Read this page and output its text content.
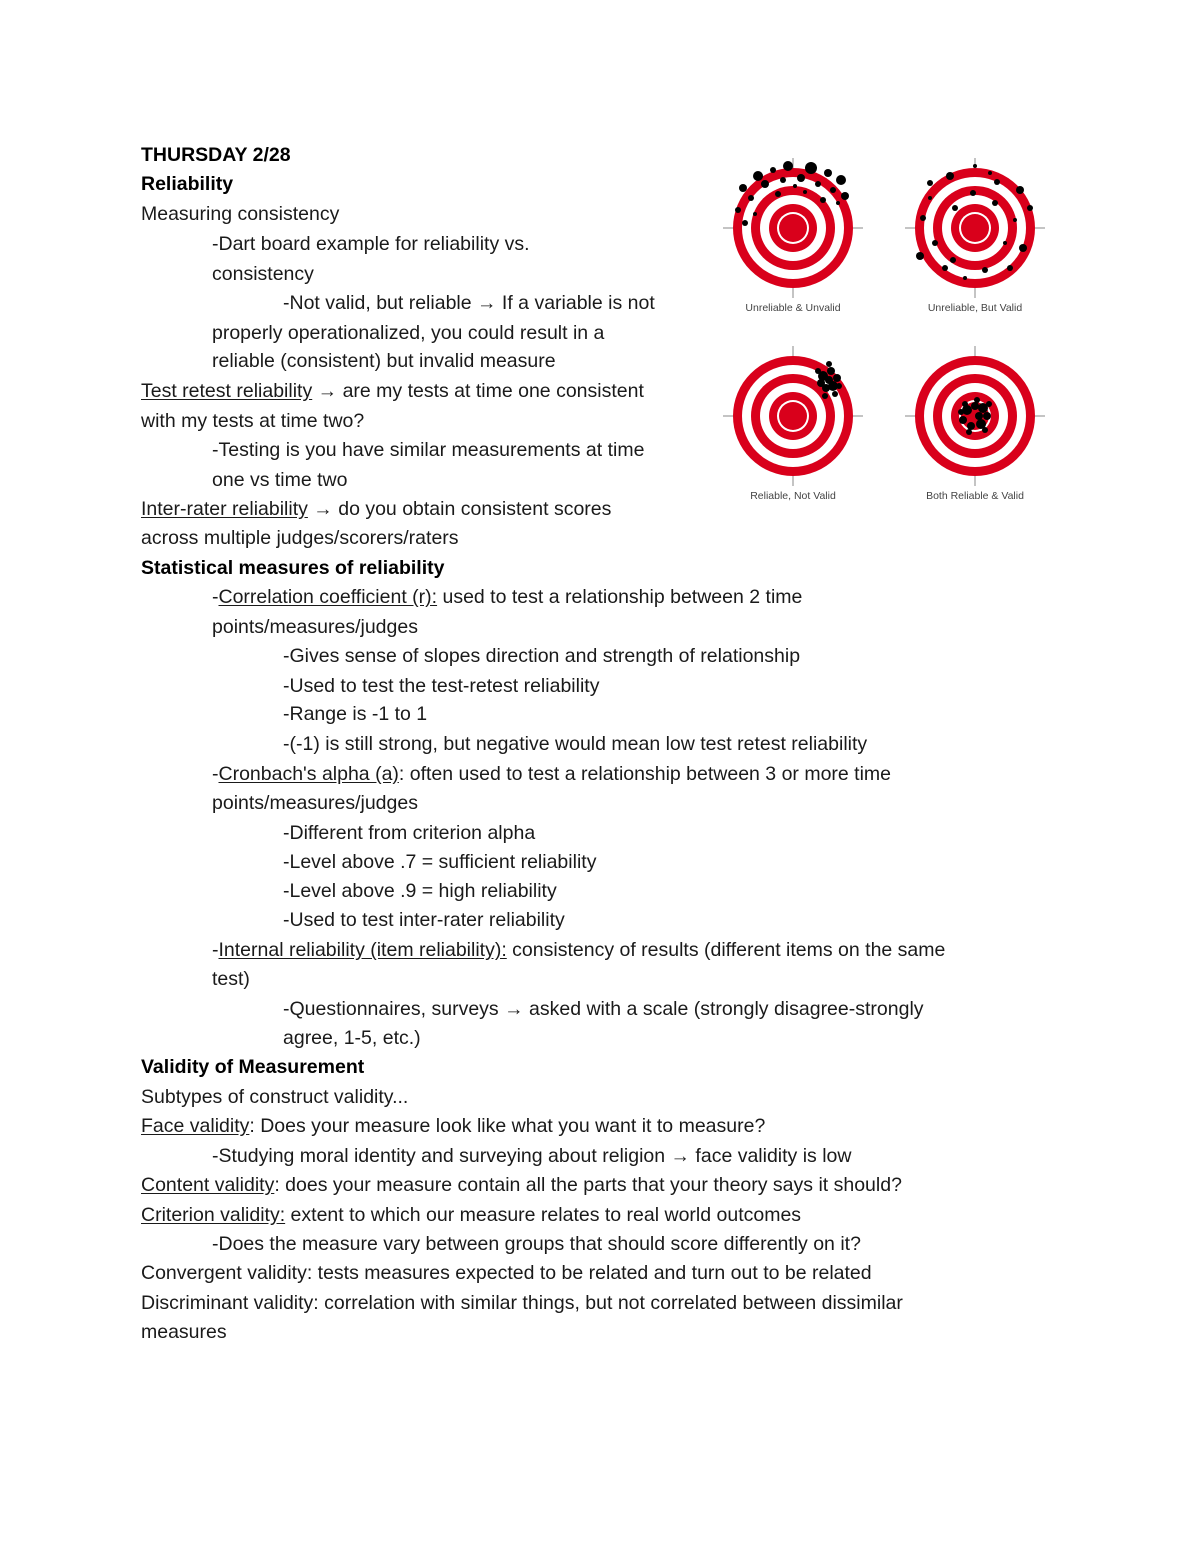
THURSDAY 2/28
Reliability
Measuring consistency
-Dart board example for reliability vs.
consistency
-Not valid, but reliable → If a variable is not
properly operationalized, you could result in a
reliable (consistent) but invalid measure
Test retest reliability → are my tests at time one consistent
with my tests at time two?
-Testing is you have similar measurements at time
one vs time two
Inter-rater reliability → do you obtain consistent scores
across multiple judges/scorers/raters
Statistical measures of reliability
-Correlation coefficient (r): used to test a relationship between 2 time
points/measures/judges
-Gives sense of slopes direction and strength of relationship
-Used to test the test-retest reliability
-Range is -1 to 1
-(-1) is still strong, but negative would mean low test retest reliability
-Cronbach's alpha (a): often used to test a relationship between 3 or more time
points/measures/judges
-Different from criterion alpha
-Level above .7 = sufficient reliability
-Level above .9 = high reliability
-Used to test inter-rater reliability
-Internal reliability (item reliability): consistency of results (different items on the same
test)
-Questionnaires, surveys → asked with a scale (strongly disagree-strongly
agree, 1-5, etc.)
Validity of Measurement
Subtypes of construct validity...
Face validity: Does your measure look like what you want it to measure?
-Studying moral identity and surveying about religion → face validity is low
Content validity: does your measure contain all the parts that your theory says it should?
Criterion validity: extent to which our measure relates to real world outcomes
-Does the measure vary between groups that should score differently on it?
Convergent validity: tests measures expected to be related and turn out to be related
Discriminant validity: correlation with similar things, but not correlated between dissimilar
measures
Unreliable & Unvalid	Unreliable, But Valid
Reliable, Not Valid	Both Reliable & Valid
